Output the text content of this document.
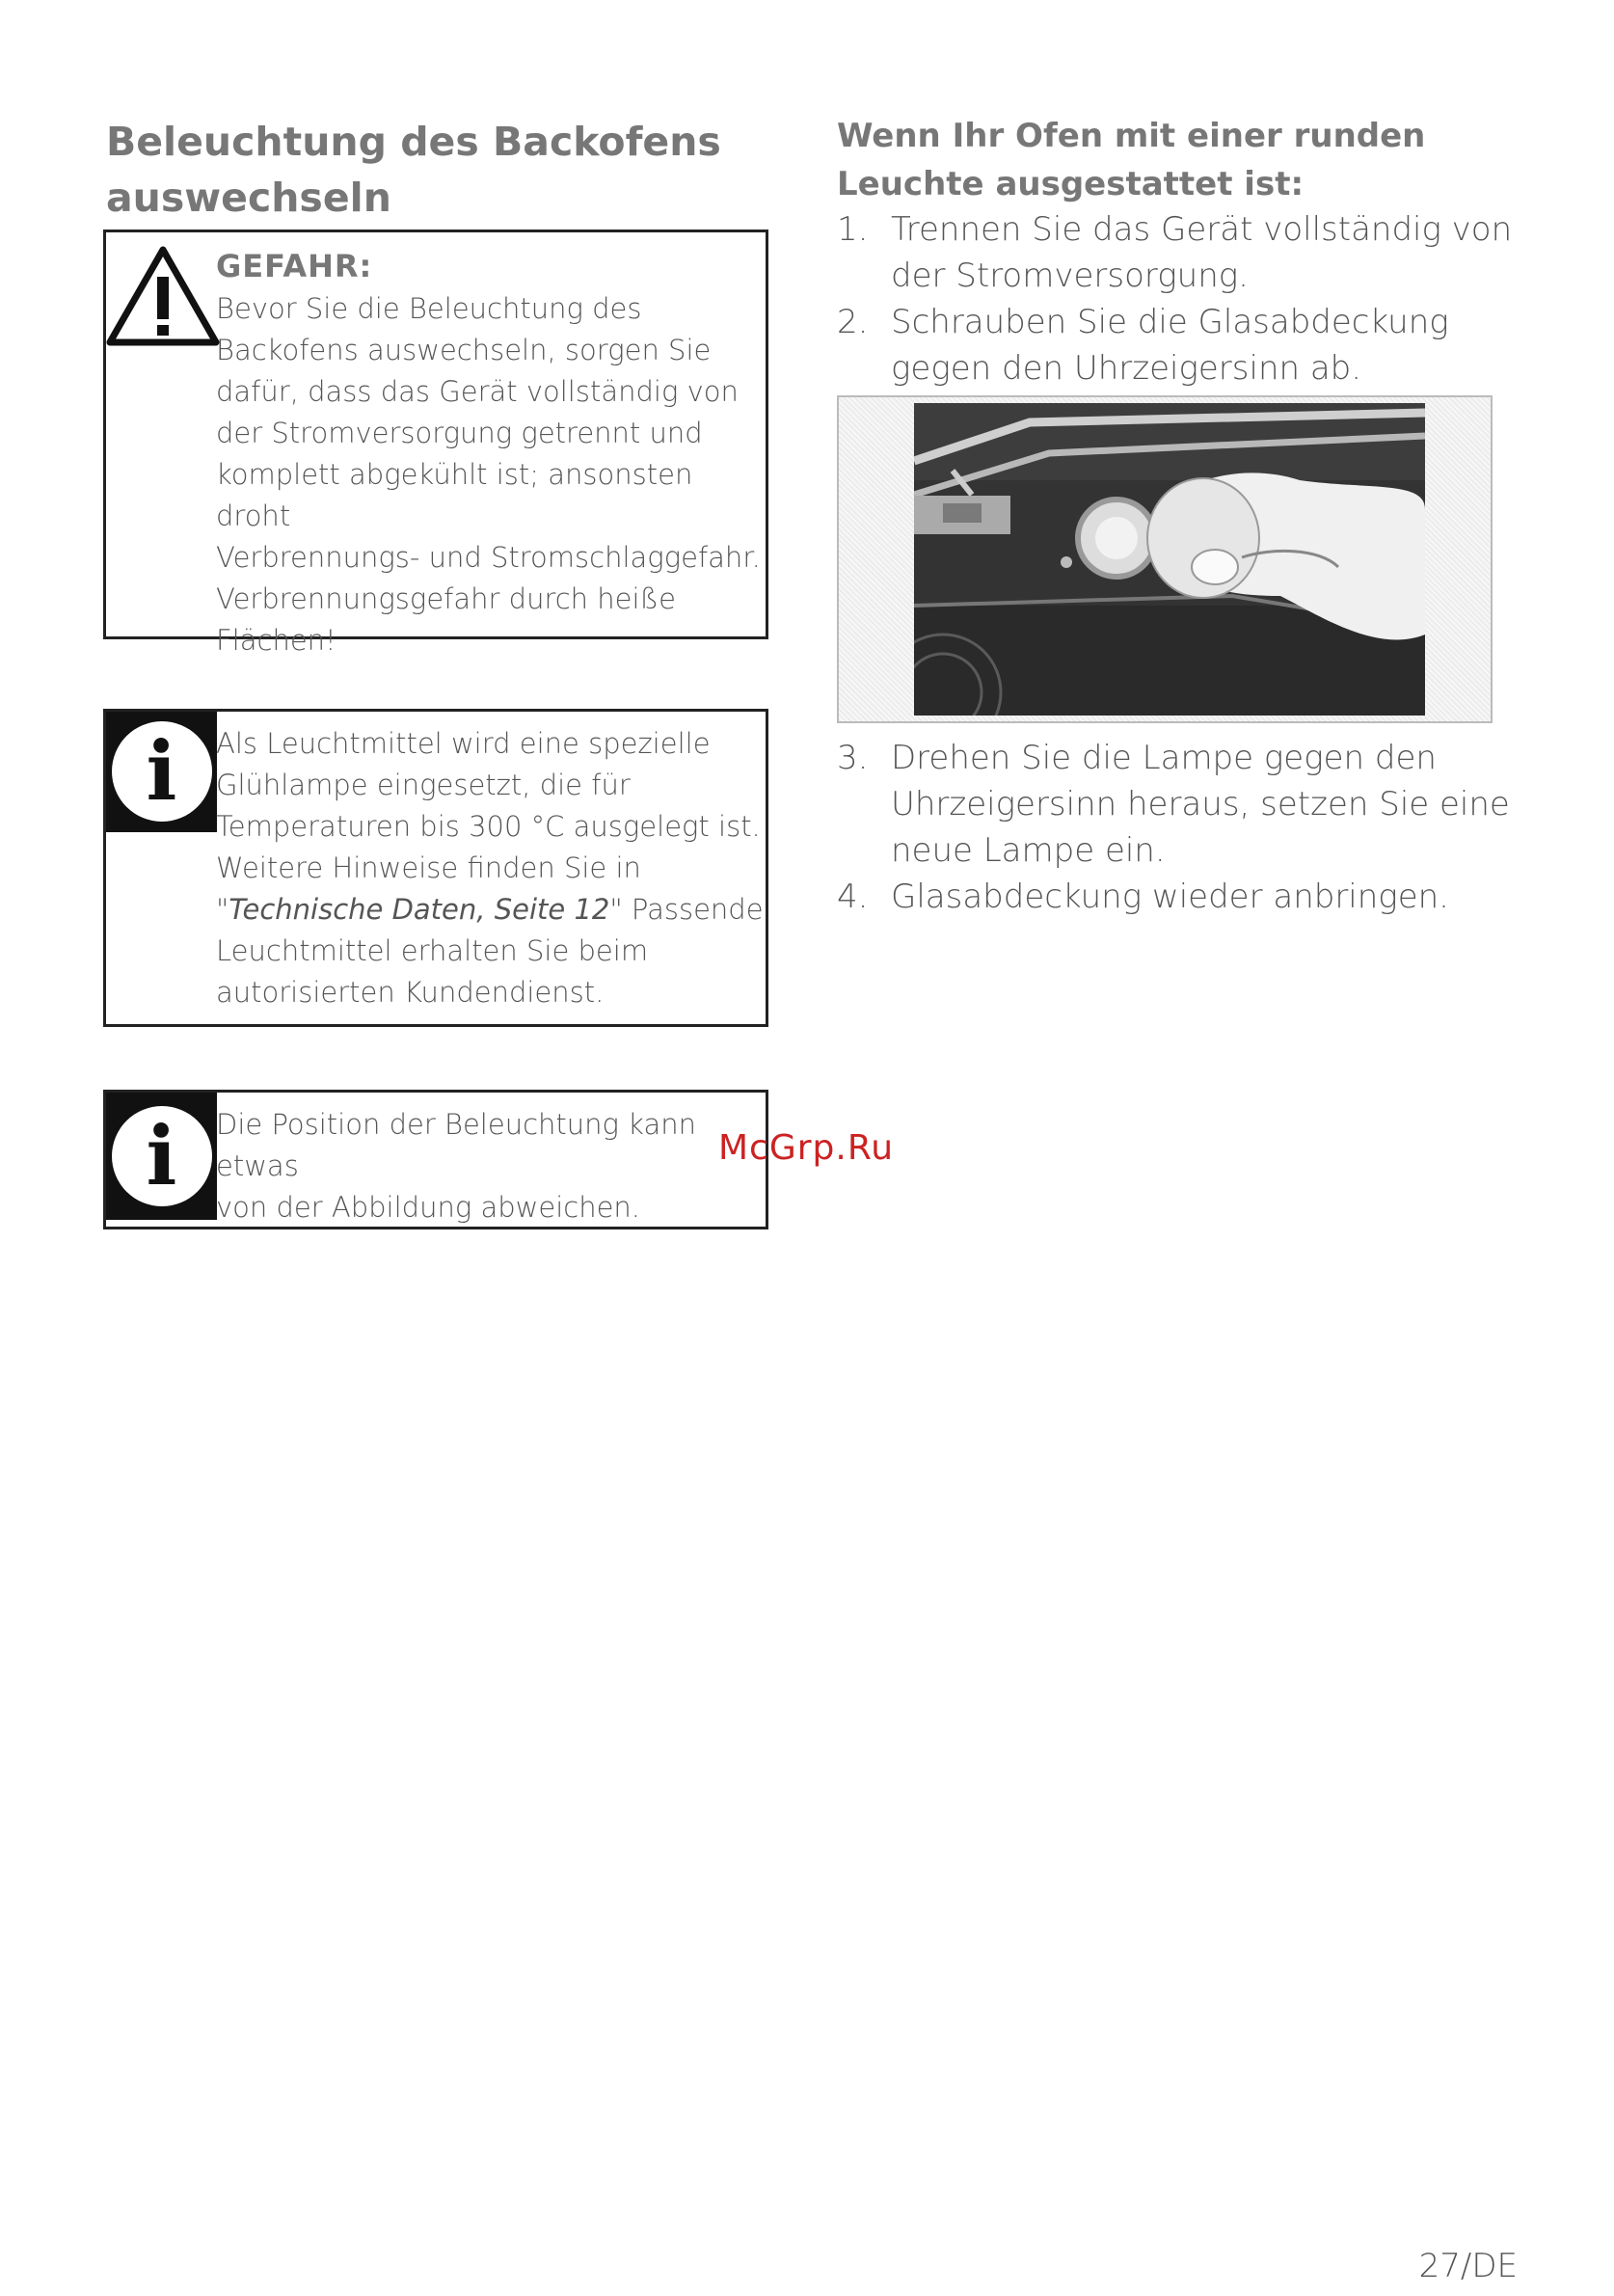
Beleuchtung des Backofens
auswechseln
GEFAHR:
Bevor Sie die Beleuchtung des
Backofens auswechseln, sorgen Sie
dafür, dass das Gerät vollständig von
der Stromversorgung getrennt und
komplett abgekühlt ist; ansonsten droht
Verbrennungs- und Stromschlaggefahr.
Verbrennungsgefahr durch heiße
Flächen!
i	Als Leuchtmittel wird eine spezielle
Glühlampe eingesetzt, die für
Temperaturen bis 300 °C ausgelegt ist.
Weitere Hinweise finden Sie in
"Technische Daten, Seite 12" Passende
Leuchtmittel erhalten Sie beim
autorisierten Kundendienst.
i	Die Position der Beleuchtung kann etwas
von der Abbildung abweichen.
Wenn Ihr Ofen mit einer runden
Leuchte ausgestattet ist:
1. Trennen Sie das Gerät vollständig von
der Stromversorgung.
2. Schrauben Sie die Glasabdeckung
gegen den Uhrzeigersinn ab.
3. Drehen Sie die Lampe gegen den
Uhrzeigersinn heraus, setzen Sie eine
neue Lampe ein.
4. Glasabdeckung wieder anbringen.
McGrp.Ru
27/DE
